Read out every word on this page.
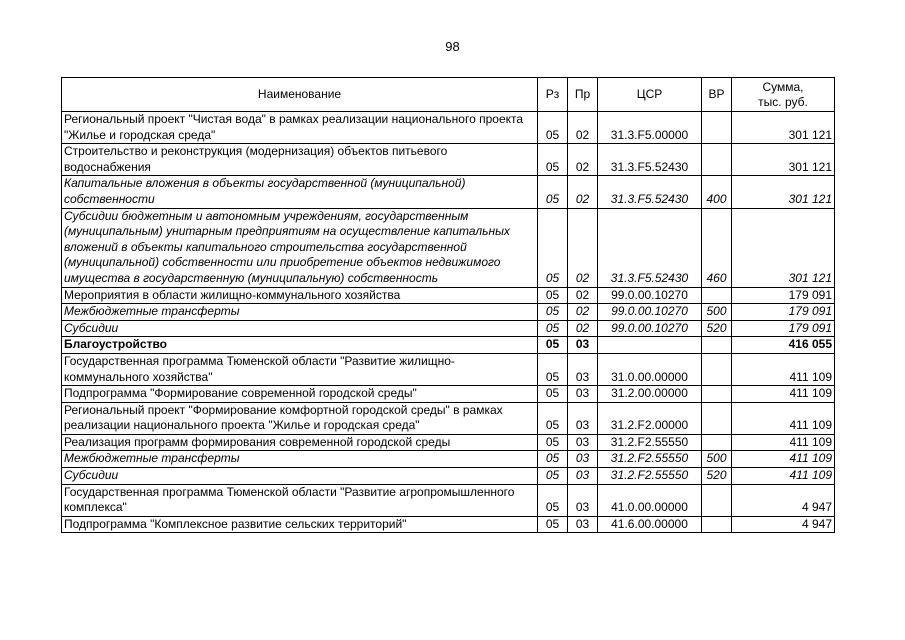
98
Наименование	Рз	Пр	ЦСР	ВР	Сумма,
тыс. руб.
Региональный проект "Чистая вода" в рамках реализации национального проекта "Жилье и городская среда"	05	02	31.3.F5.00000		301 121
Строительство и реконструкция (модернизация) объектов питьевого водоснабжения	05	02	31.3.F5.52430		301 121
Капитальные вложения в объекты государственной (муниципальной) собственности	05	02	31.3.F5.52430	400	301 121
Субсидии бюджетным и автономным учреждениям, государственным (муниципальным) унитарным предприятиям на осуществление капитальных вложений в объекты капитального строительства государственной (муниципальной) собственности или приобретение объектов недвижимого имущества в государственную (муниципальную) собственность	05	02	31.3.F5.52430	460	301 121
Мероприятия в области жилищно-коммунального хозяйства	05	02	99.0.00.10270		179 091
Межбюджетные трансферты	05	02	99.0.00.10270	500	179 091
Субсидии	05	02	99.0.00.10270	520	179 091
Благоустройство	05	03			416 055
Государственная программа Тюменской области "Развитие жилищно-коммунального хозяйства"	05	03	31.0.00.00000		411 109
Подпрограмма "Формирование современной городской среды"	05	03	31.2.00.00000		411 109
Региональный проект "Формирование комфортной городской среды" в рамках реализации национального проекта "Жилье и городская среда"	05	03	31.2.F2.00000		411 109
Реализация программ формирования современной городской среды	05	03	31.2.F2.55550		411 109
Межбюджетные трансферты	05	03	31.2.F2.55550	500	411 109
Субсидии	05	03	31.2.F2.55550	520	411 109
Государственная программа Тюменской области "Развитие агропромышленного комплекса"	05	03	41.0.00.00000		4 947
Подпрограмма "Комплексное развитие сельских территорий"	05	03	41.6.00.00000		4 947
